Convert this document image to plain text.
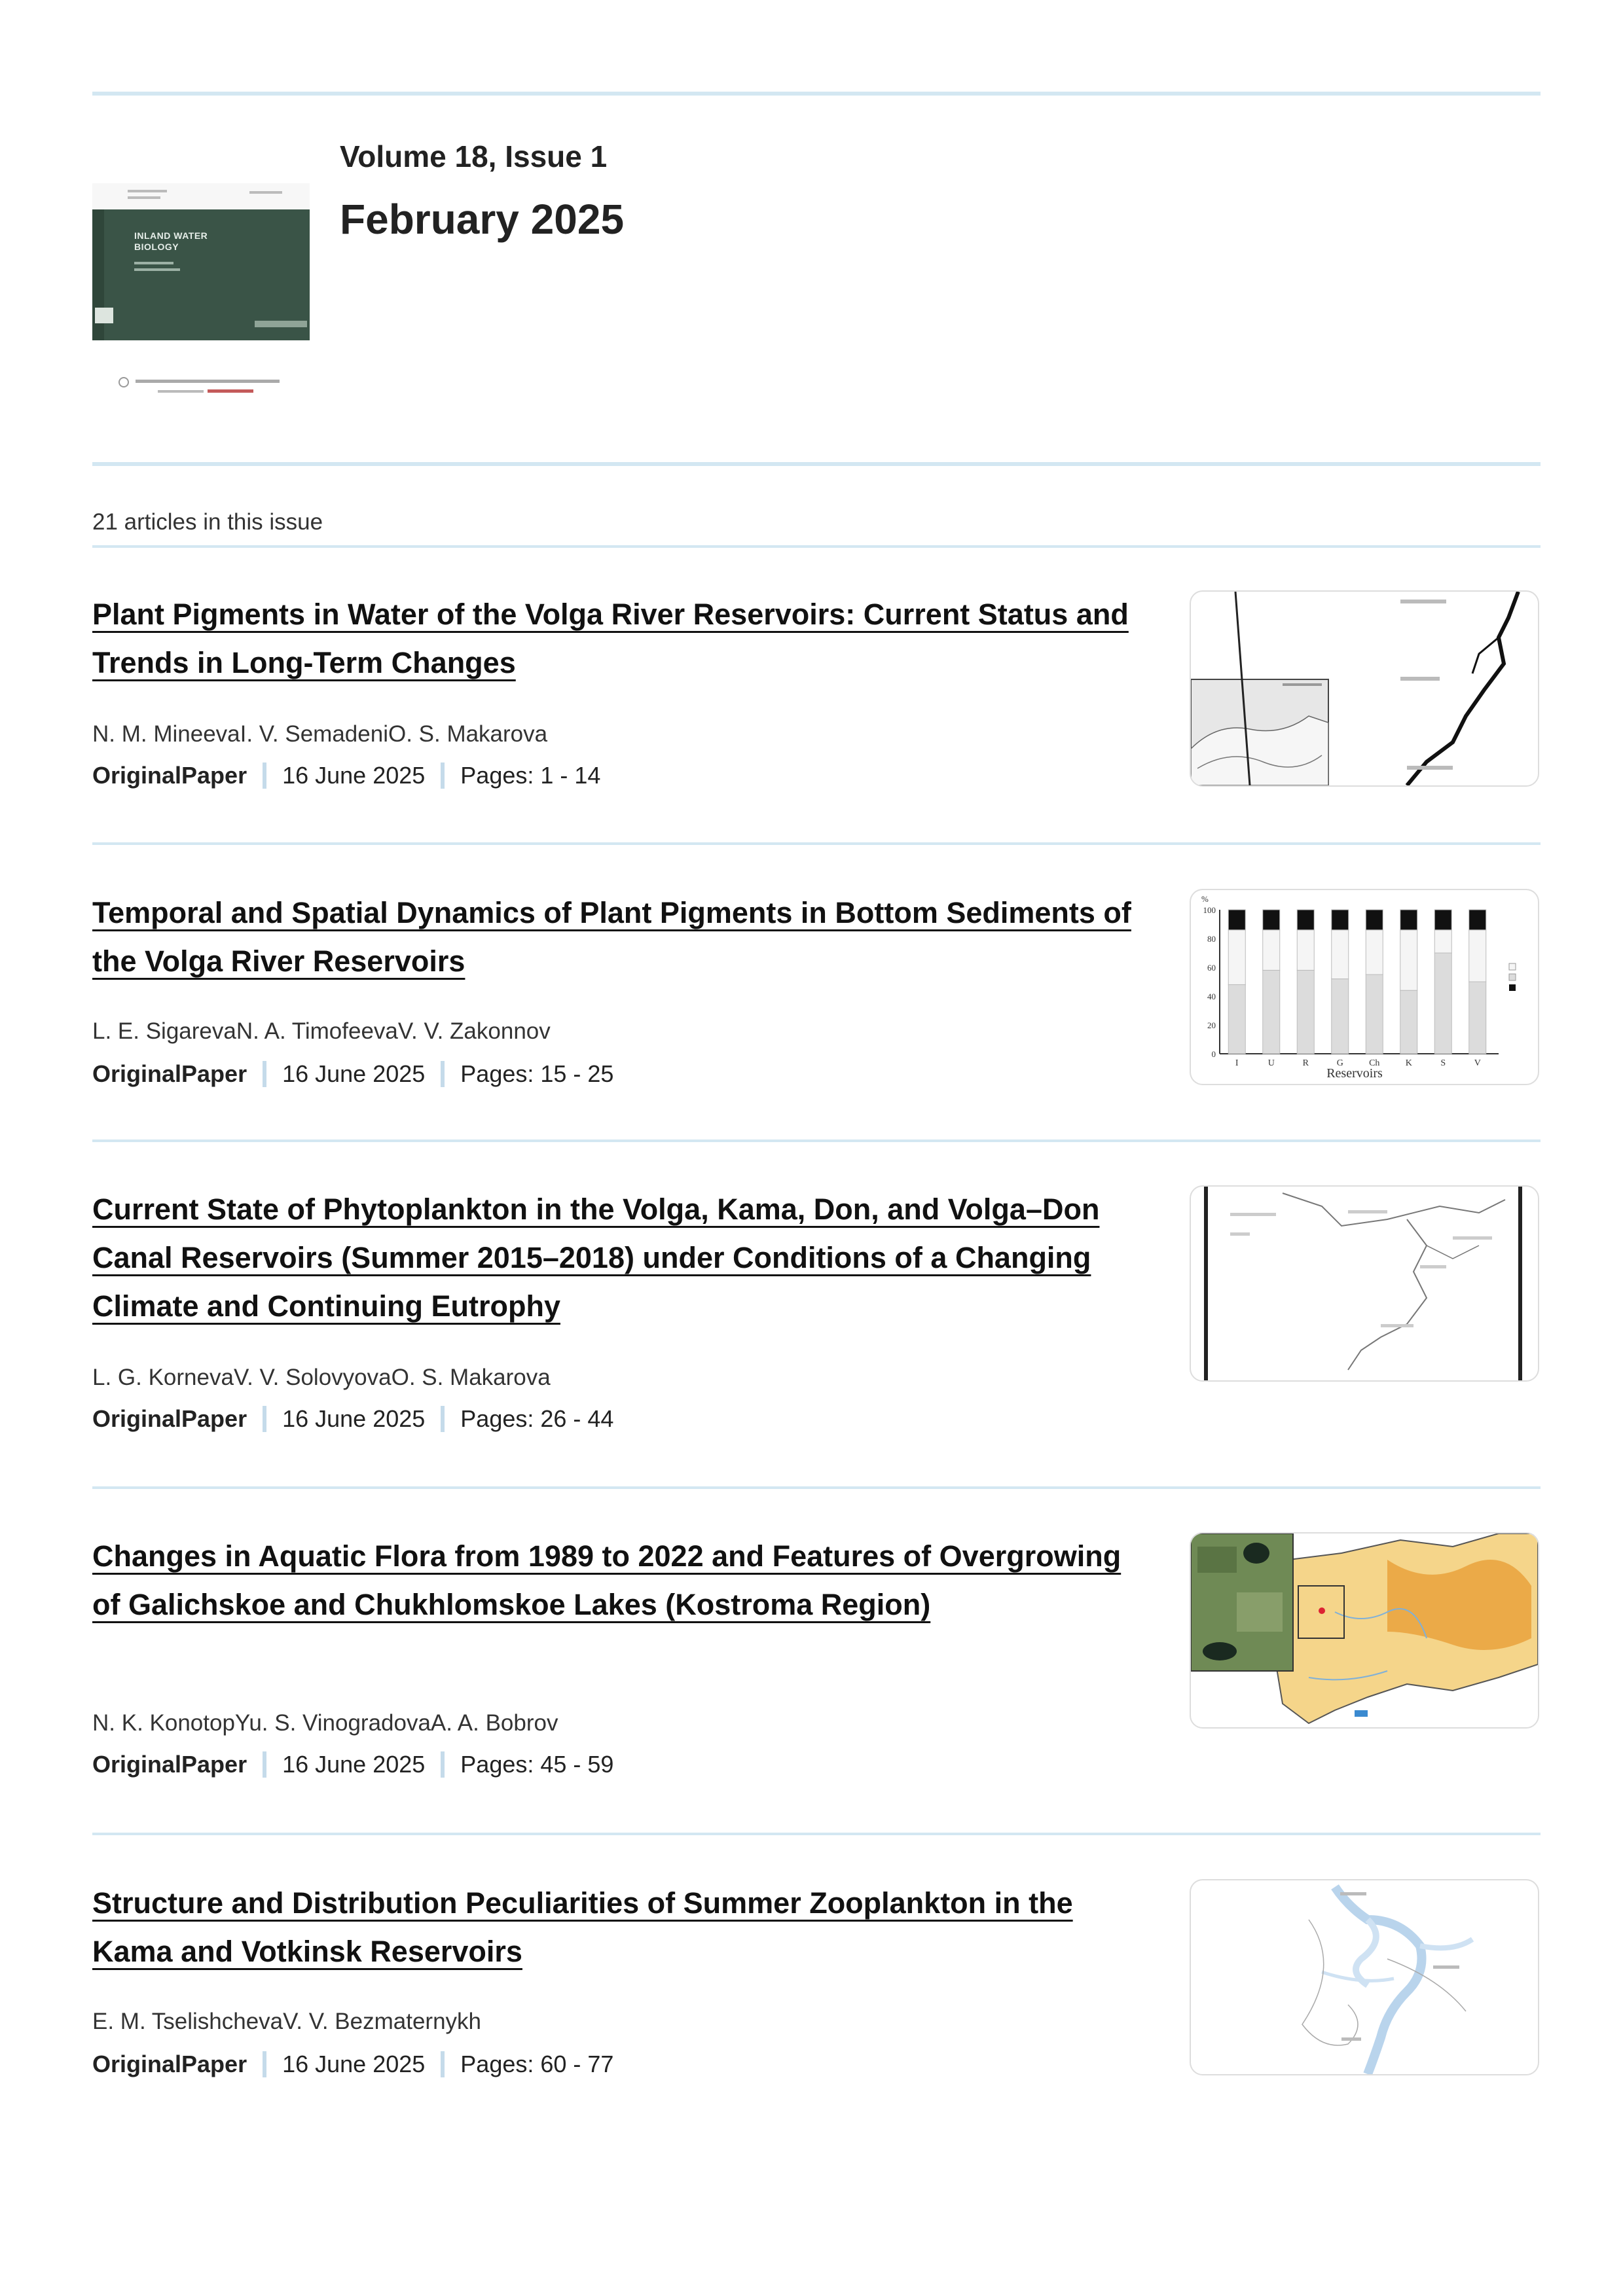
INLAND WATER BIOLOGY
Volume 18, Issue 1
February 2025
21 articles in this issue
Plant Pigments in Water of the Volga River Reservoirs: Current Status and Trends in Long-Term Changes
N. M. MineevaI. V. SemadeniO. S. Makarova
OriginalPaper 16 June 2025 Pages:
1 - 14
Temporal and Spatial Dynamics of Plant Pigments in Bottom Sediments of the Volga River Reservoirs
L. E. SigarevaN. A. TimofeevaV. V. Zakonnov
OriginalPaper 16 June 2025 Pages:
15 - 25
100
80
60
40
20
0
I	U	R	G	Ch	K	S	V
%
Reservoirs
Current State of Phytoplankton in the Volga, Kama, Don, and Volga–Don Canal Reservoirs (Summer 2015–2018) under Conditions of a Changing Climate and Continuing Eutrophy
L. G. KornevaV. V. SolovyovaO. S. Makarova
OriginalPaper 16 June 2025 Pages:
26 - 44
Changes in Aquatic Flora from 1989 to 2022 and Features of Overgrowing of Galichskoe and Chukhlomskoe Lakes (Kostroma Region)
N. K. KonotopYu. S. VinogradovaA. A. Bobrov
OriginalPaper 16 June 2025 Pages:
45 - 59
Structure and Distribution Peculiarities of Summer Zooplankton in the Kama and Votkinsk Reservoirs
E. M. TselishchevaV. V. Bezmaternykh
OriginalPaper 16 June 2025 Pages:
60 - 77
